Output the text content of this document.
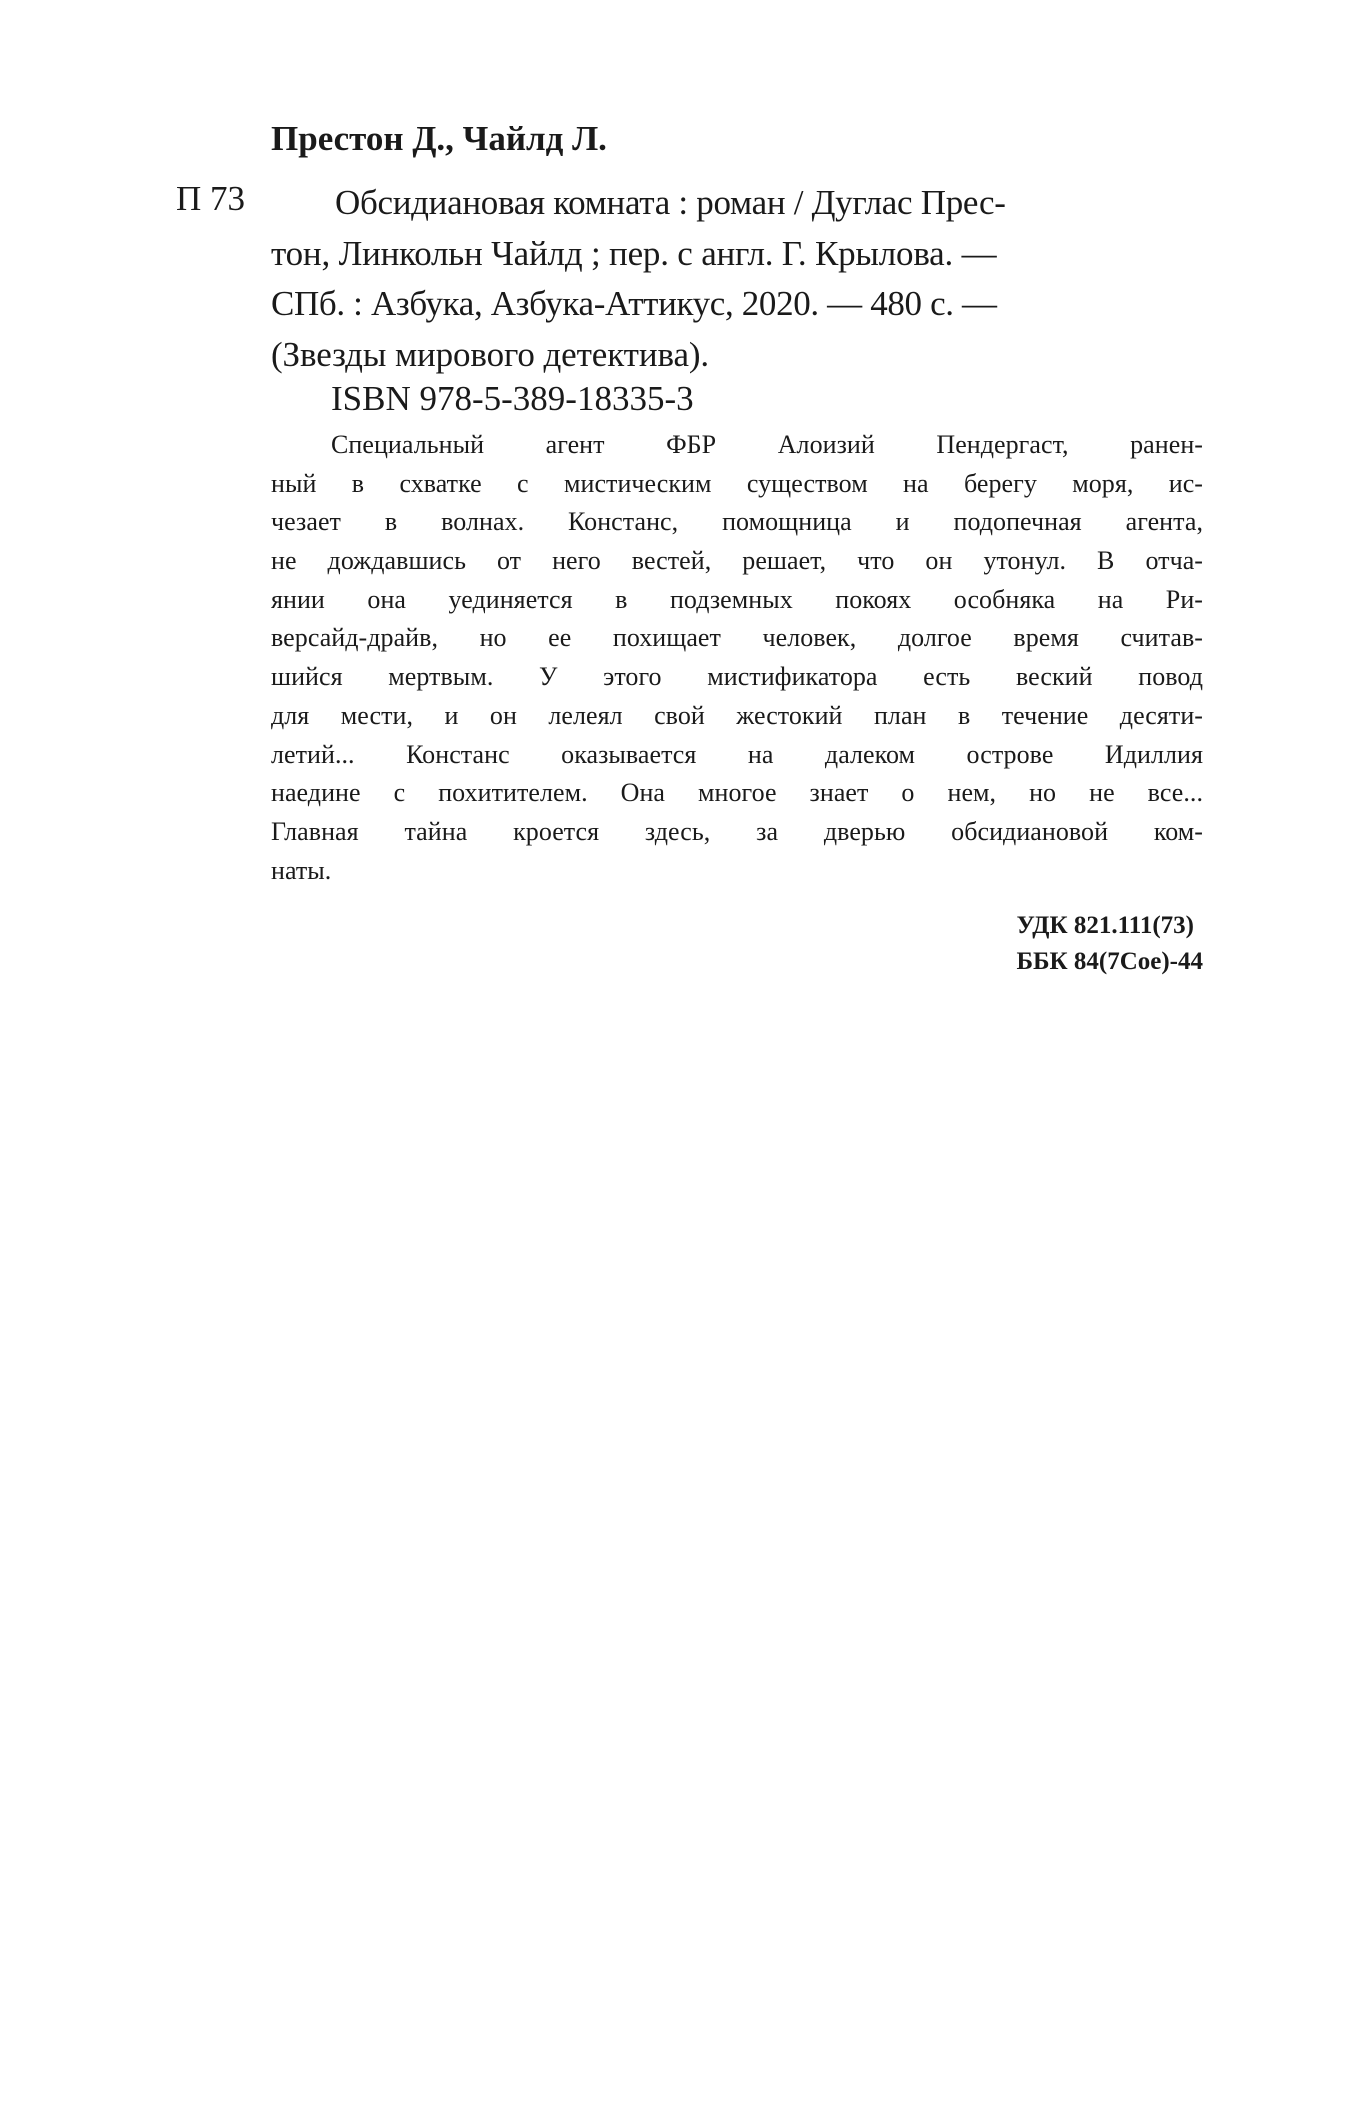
Престон Д., Чайлд Л.
П 73	Обсидиановая комната : роман / Дуглас Прес-
тон, Линкольн Чайлд ; пер. с англ. Г. Крылова. —
СПб. : Азбука, Азбука-Аттикус, 2020. — 480 с. —
(Звезды мирового детектива).
ISBN 978-5-389-18335-3
Специальный агент ФБР Алоизий Пендергаст, ранен-
ный в схватке с мистическим существом на берегу моря, ис-
чезает в волнах. Констанс, помощница и подопечная агента,
не дождавшись от него вестей, решает, что он утонул. В отча-
янии она уединяется в подземных покоях особняка на Ри-
версайд-драйв, но ее похищает человек, долгое время считав-
шийся мертвым. У этого мистификатора есть веский повод
для мести, и он лелеял свой жестокий план в течение десяти-
летий... Констанс оказывается на далеком острове Идиллия
наедине с похитителем. Она многое знает о нем, но не все...
Главная тайна кроется здесь, за дверью обсидиановой ком-
наты.
УДК 821.111(73)
ББК 84(7Сое)-44
